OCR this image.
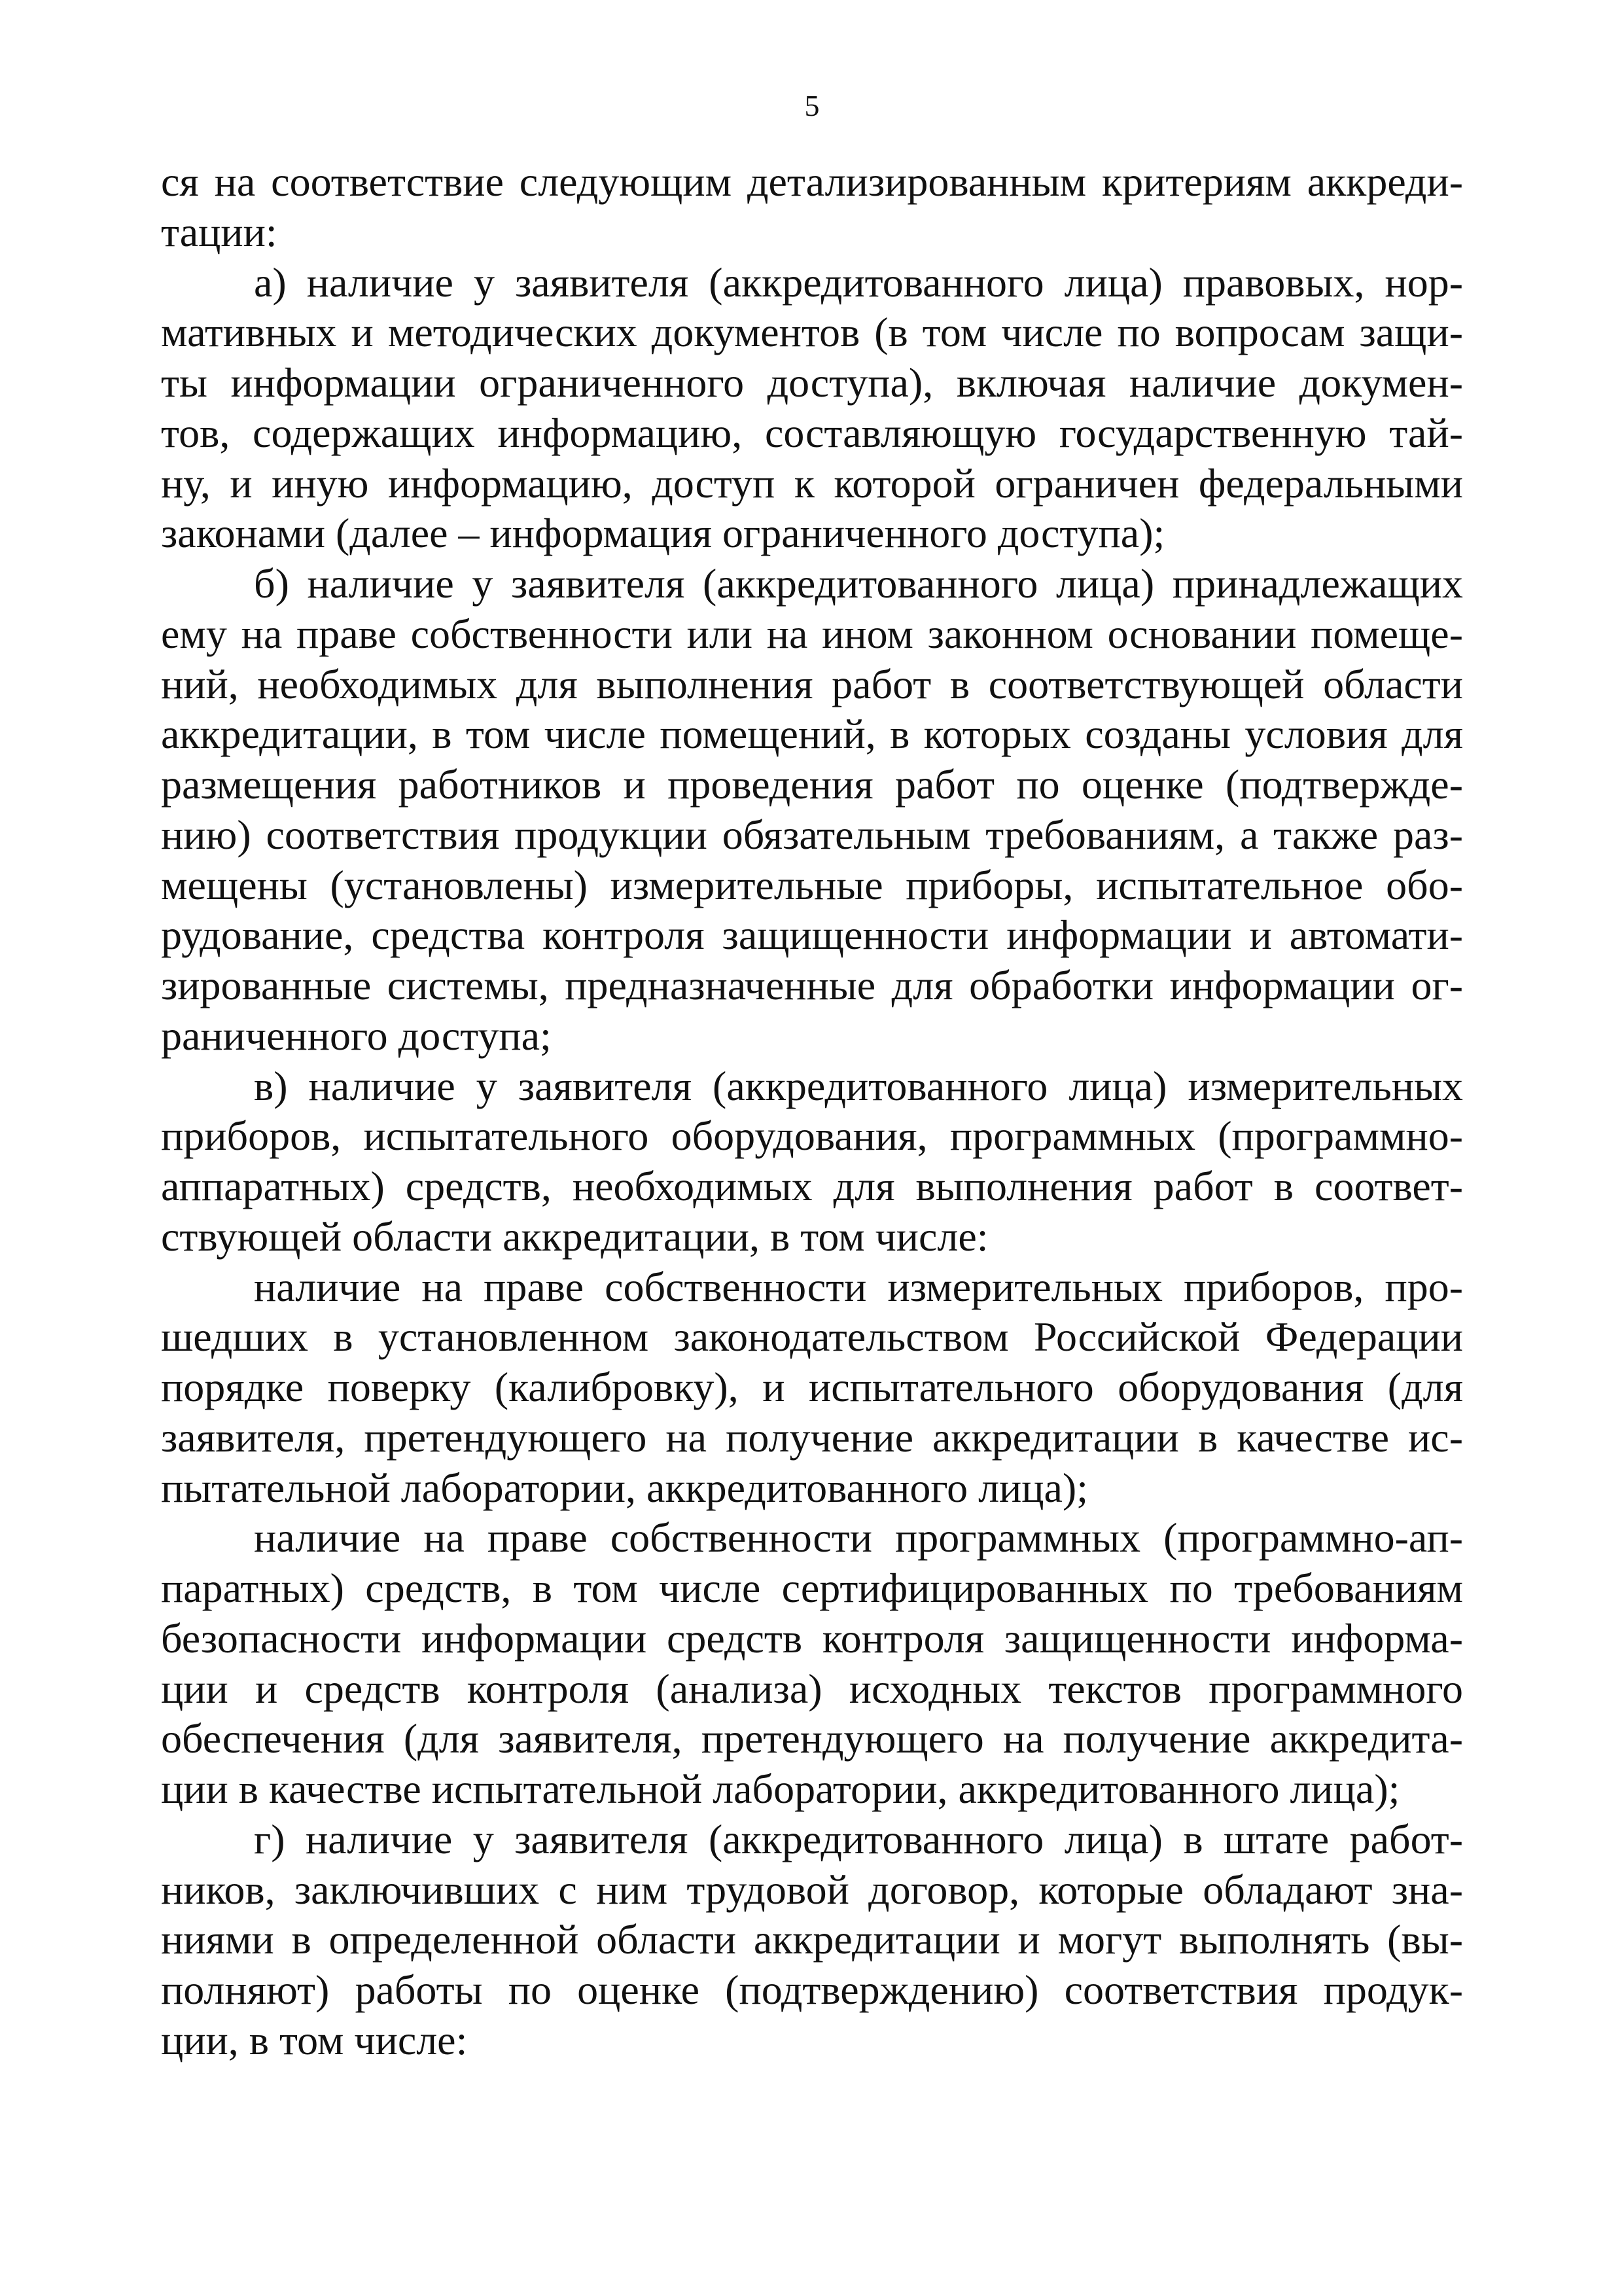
5
ся на соответствие следующим детализированным критериям аккреди-
тации:
а) наличие у заявителя (аккредитованного лица) правовых, нор-
мативных и методических документов (в том числе по вопросам защи-
ты информации ограниченного доступа), включая наличие докумен-
тов, содержащих информацию, составляющую государственную тай-
ну, и иную информацию, доступ к которой ограничен федеральными
законами (далее – информация ограниченного доступа);
б) наличие у заявителя (аккредитованного лица) принадлежащих
ему на праве собственности или на ином законном основании помеще-
ний, необходимых для выполнения работ в соответствующей области
аккредитации, в том числе помещений, в которых созданы условия для
размещения работников и проведения работ по оценке (подтвержде-
нию) соответствия продукции обязательным требованиям, а также раз-
мещены (установлены) измерительные приборы, испытательное обо-
рудование, средства контроля защищенности информации и автомати-
зированные системы, предназначенные для обработки информации ог-
раниченного доступа;
в) наличие у заявителя (аккредитованного лица) измерительных
приборов, испытательного оборудования, программных (программно-
аппаратных) средств, необходимых для выполнения работ в соответ-
ствующей области аккредитации, в том числе:
наличие на праве собственности измерительных приборов, про-
шедших в установленном законодательством Российской Федерации
порядке поверку (калибровку), и испытательного оборудования (для
заявителя, претендующего на получение аккредитации в качестве ис-
пытательной лаборатории, аккредитованного лица);
наличие на праве собственности программных (программно-ап-
паратных) средств, в том числе сертифицированных по требованиям
безопасности информации средств контроля защищенности информа-
ции и средств контроля (анализа) исходных текстов программного
обеспечения (для заявителя, претендующего на получение аккредита-
ции в качестве испытательной лаборатории, аккредитованного лица);
г) наличие у заявителя (аккредитованного лица) в штате работ-
ников, заключивших с ним трудовой договор, которые обладают зна-
ниями в определенной области аккредитации и могут выполнять (вы-
полняют) работы по оценке (подтверждению) соответствия продук-
ции, в том числе:
